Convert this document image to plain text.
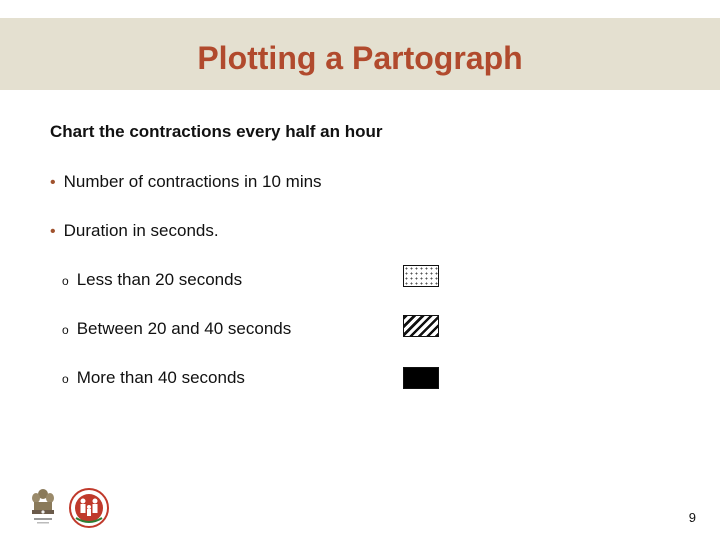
Plotting a Partograph
Chart the contractions every half an hour
• Number of contractions in 10 mins
• Duration in seconds.
o Less than 20 seconds
o Between 20 and 40 seconds
o More than 40 seconds
9
